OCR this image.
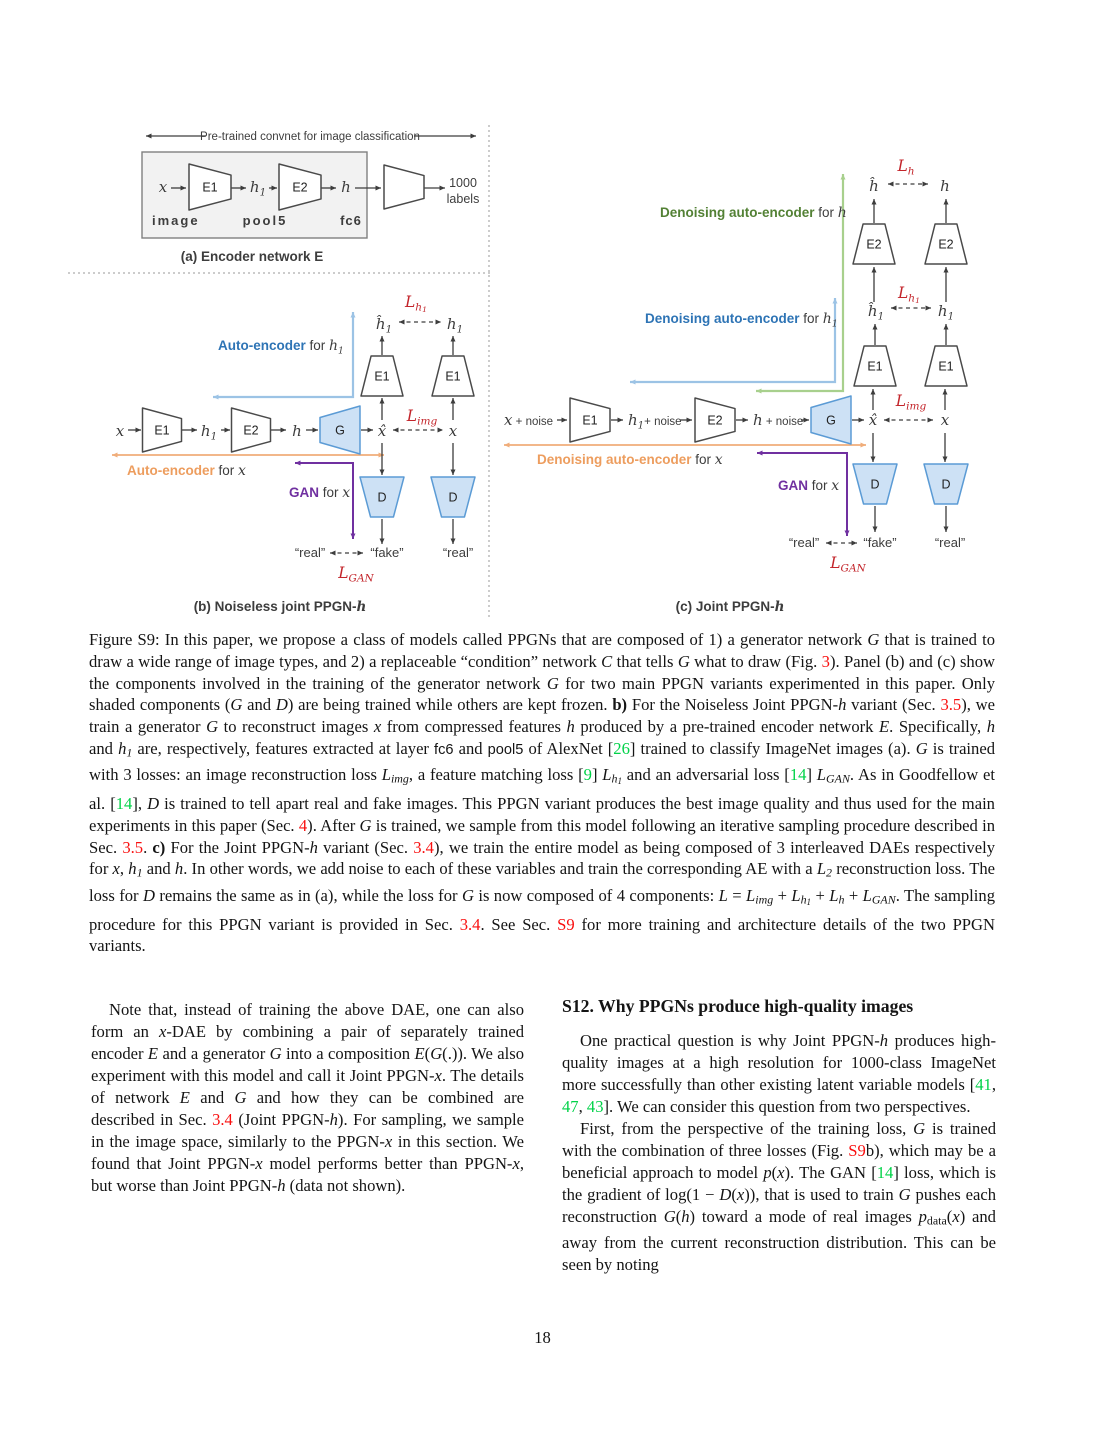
E1	E2
Pre-trained convnet for image classification
x	$h_1$	h	1000
labels
image	pool5	fc6
(a) Encoder network E
E1	E2	G
E1	E1
D	D
x	$h_1$	h	x̂
$L_{img}$
x
$ĥ_1$
$L_h1$
$h_1$
Auto-encoder for $h_1$
Auto-encoder for x
GAN for x
“real”	“fake”	“real”
$L_{GAN}$
(b) Noiseless joint PPGN-h
E1	E2	G
E1	E1
E2	E2
D	D
x + noise	$h_1^{+ noise}$	h + noise	x̂
$L_{img}$
x
$ĥ_1$
$L_h1$
$h_1$
ĥ
$L_h$
h
Denoising auto-encoder for h
Denoising auto-encoder for $h_1$
Denoising auto-encoder for x
GAN for x
“real”	“fake”	“real”
$L_{GAN}$
(c) Joint PPGN-h
Figure S9: In this paper, we propose a class of models called PPGNs that are composed of 1) a generator network G that is trained to draw a wide range of image types, and 2) a replaceable “condition” network C that tells G what to draw (Fig. 3). Panel (b) and (c) show the components involved in the training of the generator network G for two main PPGN variants experimented in this paper. Only shaded components (G and D) are being trained while others are kept frozen. b) For the Noiseless Joint PPGN-h variant (Sec. 3.5), we train a generator G to reconstruct images x from compressed features h produced by a pre-trained encoder network E. Specifically, h and $h_1$ are, respectively, features extracted at layer fc6 and pool5 of AlexNet [26] trained to classify ImageNet images (a). G is trained with 3 losses: an image reconstruction loss $L_{img}$, a feature matching loss [9] $L_{h1}$ and an adversarial loss [14] $L_{GAN}$. As in Goodfellow et al. [14], D is trained to tell apart real and fake images. This PPGN variant produces the best image quality and thus used for the main experiments in this paper (Sec. 4). After G is trained, we sample from this model following an iterative sampling procedure described in Sec. 3.5. c) For the Joint PPGN-h variant (Sec. 3.4), we train the entire model as being composed of 3 interleaved DAEs respectively for x, $h_1$ and h. In other words, we add noise to each of these variables and train the corresponding AE with a $L_2$ reconstruction loss. The loss for D remains the same as in (a), while the loss for G is now composed of 4 components: $L = L_{img} + L_{h1} + L_h + L_{GAN}$. The sampling procedure for this PPGN variant is provided in Sec. 3.4. See Sec. S9 for more training and architecture details of the two PPGN variants.

Note that, instead of training the above DAE, one can also form an x-DAE by combining a pair of separately trained encoder E and a generator G into a composition E(G(.)). We also experiment with this model and call it Joint PPGN-x. The details of network E and G and how they can be combined are described in Sec. 3.4 (Joint PPGN-h). For sampling, we sample in the image space, similarly to the PPGN-x in this section. We found that Joint PPGN-x model performs better than PPGN-x, but worse than Joint PPGN-h (data not shown).

S12. Why PPGNs produce high-quality images

One practical question is why Joint PPGN-h produces high-quality images at a high resolution for 1000-class ImageNet more successfully than other existing latent variable models [41, 47, 43]. We can consider this question from two perspectives.

First, from the perspective of the training loss, G is trained with the combination of three losses (Fig. S9b), which may be a beneficial approach to model p(x). The GAN [14] loss, which is the gradient of log(1 − D(x)), that is used to train G pushes each reconstruction G(h) toward a mode of real images pdata(x) and away from the current reconstruction distribution. This can be seen by noting

18
